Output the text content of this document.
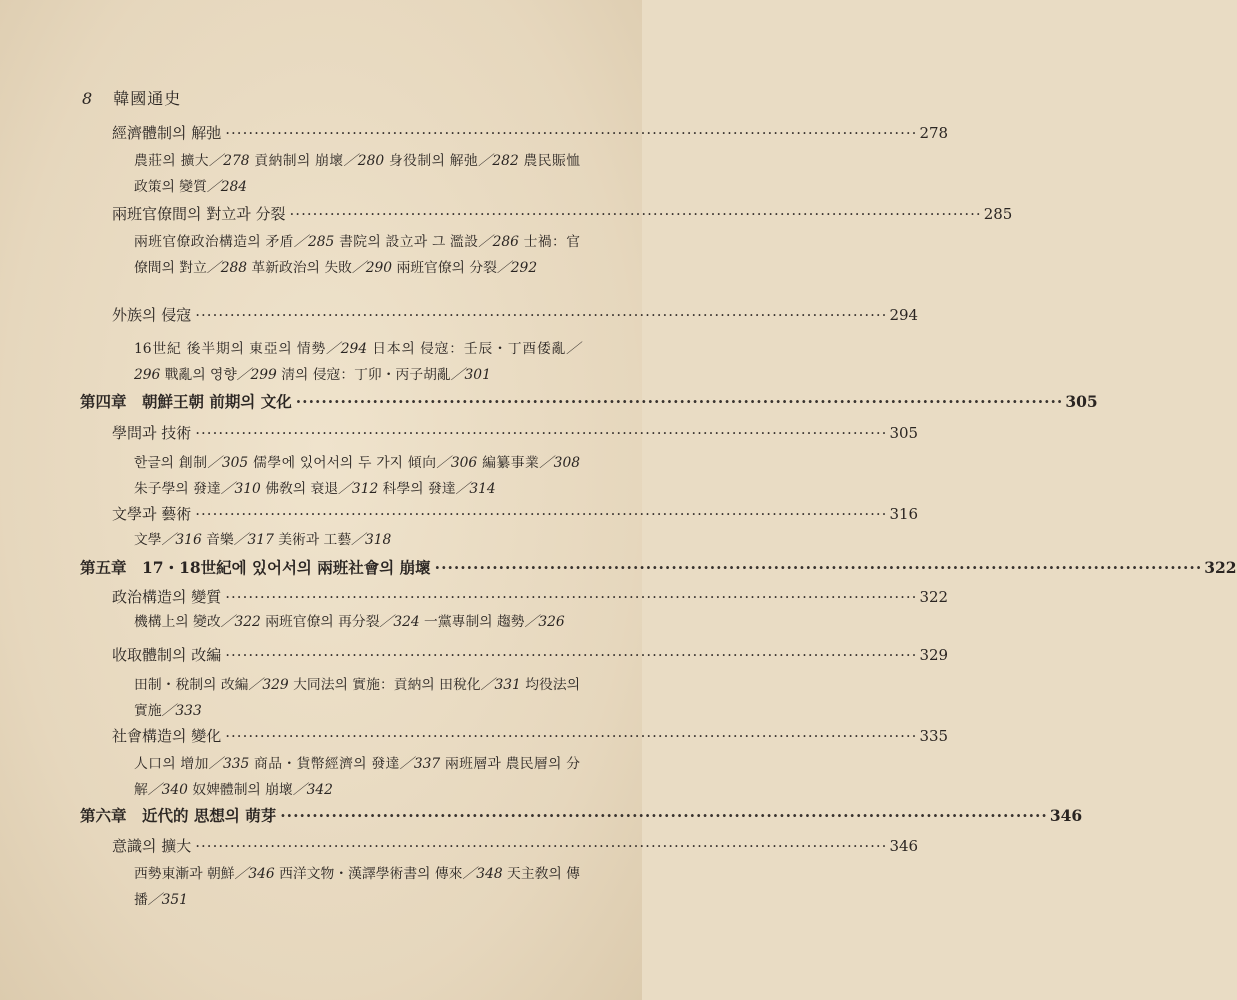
8 韓國通史
經濟體制의 解弛 ························································································································ 278
農莊의 擴大／278 貢納制의 崩壞／280 身役制의 解弛／282 農民賑恤政策의 變質／284
兩班官僚間의 對立과 分裂 ························································································································ 285
兩班官僚政治構造의 矛盾／285 書院의 設立과 그 濫設／286 士禍：官僚間의 對立／288 革新政治의 失敗／290 兩班官僚의 分裂／292
外族의 侵寇 ························································································································ 294
16世紀 後半期의 東亞의 情勢／294 日本의 侵寇：壬辰・丁酉倭亂／296 戰亂의 영향／299 淸의 侵寇：丁卯・丙子胡亂／301
第四章　朝鮮王朝 前期의 文化 ························································································································ 305
學問과 技術 ························································································································ 305
한글의 創制／305 儒學에 있어서의 두 가지 傾向／306 編纂事業／308 朱子學의 發達／310 佛敎의 衰退／312 科學의 發達／314
文學과 藝術 ························································································································ 316
文學／316 音樂／317 美術과 工藝／318
第五章　17・18世紀에 있어서의 兩班社會의 崩壞 ························································································································ 322
政治構造의 變質 ························································································································ 322
機構上의 變改／322 兩班官僚의 再分裂／324 一黨專制의 趨勢／326
收取體制의 改編 ························································································································ 329
田制・稅制의 改編／329 大同法의 實施：貢納의 田稅化／331 均役法의 實施／333
社會構造의 變化 ························································································································ 335
人口의 增加／335 商品・貨幣經濟의 發達／337 兩班層과 農民層의 分解／340 奴婢體制의 崩壞／342
第六章　近代的 思想의 萌芽 ························································································································ 346
意識의 擴大 ························································································································ 346
西勢東漸과 朝鮮／346 西洋文物・漢譯學術書의 傳來／348 天主敎의 傳播／351
